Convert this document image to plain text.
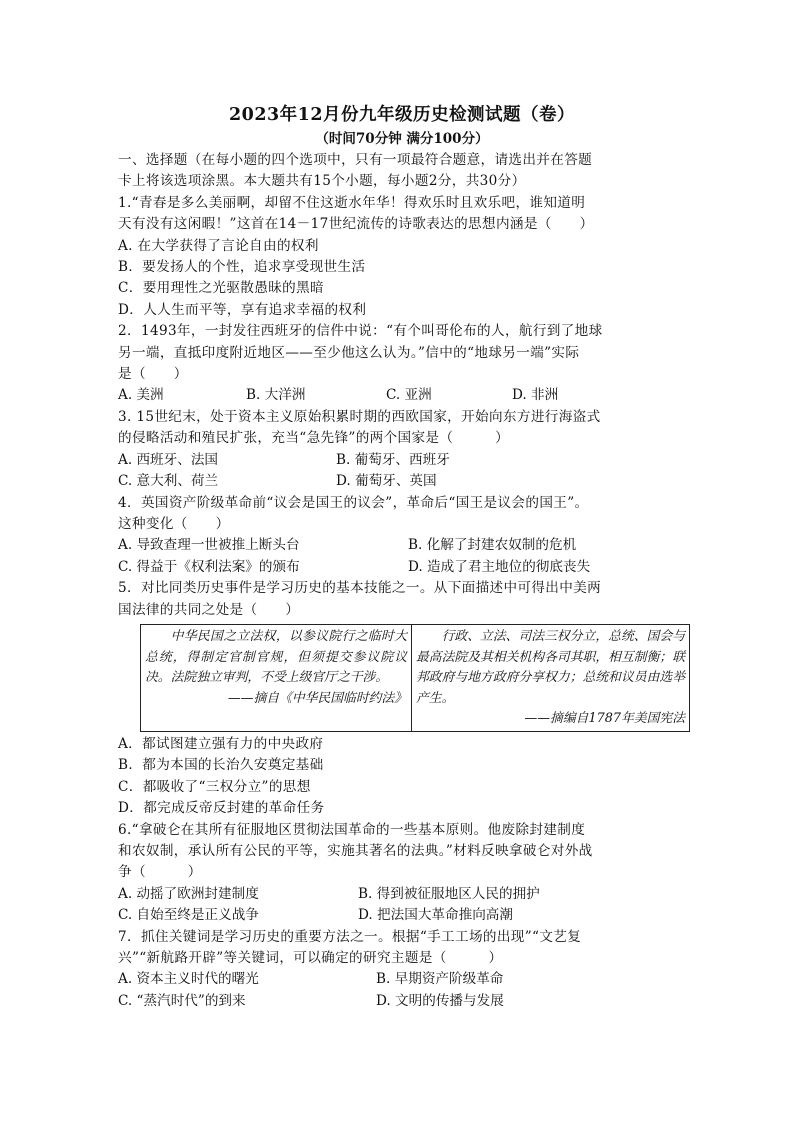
2023年12月份九年级历史检测试题（卷）
（时间70分钟 满分100分）
一、选择题（在每小题的四个选项中，只有一项最符合题意，请选出并在答题
卡上将该选项涂黑。本大题共有15个小题，每小题2分，共30分）
1.“青春是多么美丽啊，却留不住这逝水年华！得欢乐时且欢乐吧，谁知道明
天有没有这闲暇！”这首在14－17世纪流传的诗歌表达的思想内涵是（　　）
A. 在大学获得了言论自由的权利
B．要发扬人的个性，追求享受现世生活
C．要用理性之光驱散愚昧的黑暗
D．人人生而平等，享有追求幸福的权利
2．1493年，一封发往西班牙的信件中说：“有个叫哥伦布的人，航行到了地球
另一端，直抵印度附近地区——至少他这么认为。”信中的“地球另一端”实际
是（　　）
A. 美洲	B. 大洋洲	C. 亚洲	D. 非洲
3. 15世纪末，处于资本主义原始积累时期的西欧国家，开始向东方进行海盗式
的侵略活动和殖民扩张，充当“急先锋”的两个国家是（　　　）
A. 西班牙、法国	B. 葡萄牙、西班牙
C. 意大利、荷兰	D. 葡萄牙、英国
4．英国资产阶级革命前“议会是国王的议会”，革命后“国王是议会的国王”。
这种变化（　　）
A. 导致查理一世被推上断头台	B. 化解了封建农奴制的危机
C. 得益于《权利法案》的颁布	D. 造成了君主地位的彻底丧失
5．对比同类历史事件是学习历史的基本技能之一。从下面描述中可得出中美两
国法律的共同之处是（　　）
中华民国之立法权，以参议院行之临时大总统，得制定官制官规，但须提交参议院议决。法院独立审判，不受上级官厅之干涉。
——摘自《中华民国临时约法》

行政、立法、司法三权分立，总统、国会与最高法院及其相关机构各司其职，相互制衡；联邦政府与地方政府分享权力；总统和议员由选举产生。
——摘编自1787年美国宪法
A．都试图建立强有力的中央政府
B．都为本国的长治久安奠定基础
C．都吸收了“三权分立”的思想
D．都完成反帝反封建的革命任务
6.“拿破仑在其所有征服地区贯彻法国革命的一些基本原则。他废除封建制度
和农奴制，承认所有公民的平等，实施其著名的法典。”材料反映拿破仑对外战
争（　　　）
A. 动摇了欧洲封建制度	B. 得到被征服地区人民的拥护
C. 自始至终是正义战争	D. 把法国大革命推向高潮
7．抓住关键词是学习历史的重要方法之一。根据“手工工场的出现”“文艺复
兴”“新航路开辟”等关键词，可以确定的研究主题是（　　　）
A. 资本主义时代的曙光	B. 早期资产阶级革命
C. “蒸汽时代”的到来	D. 文明的传播与发展
